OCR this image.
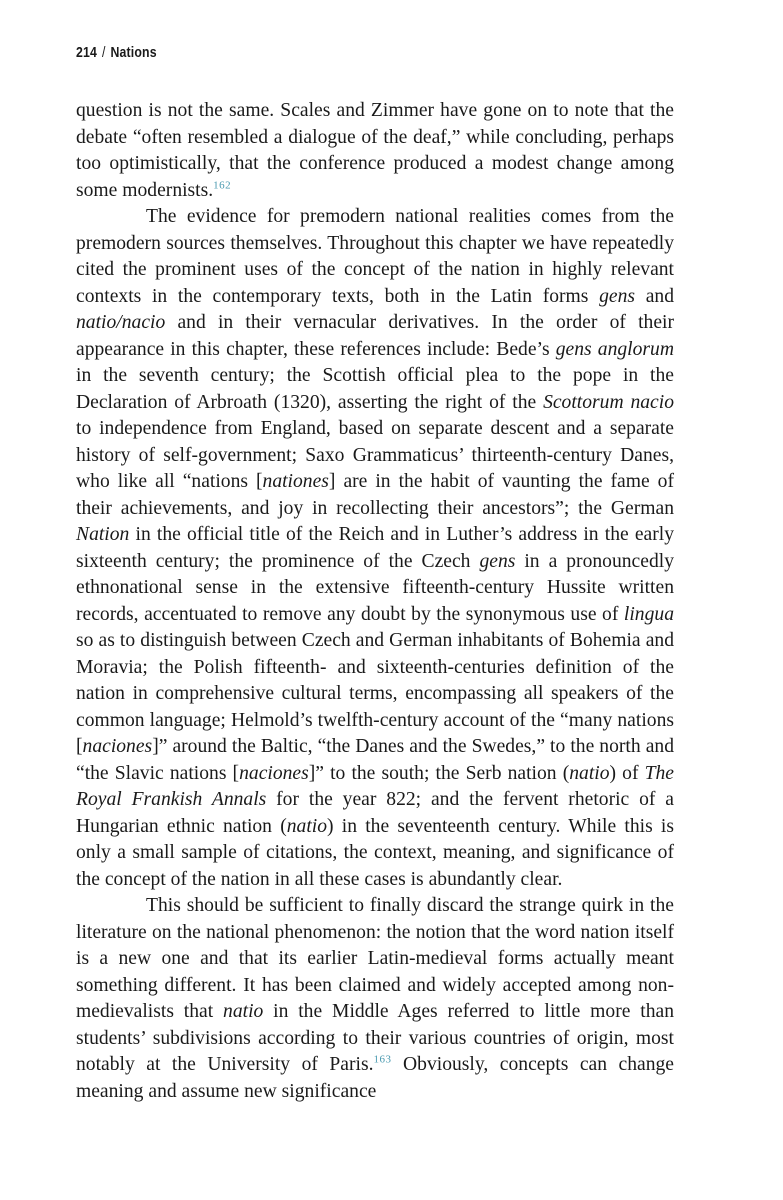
214 / Nations

question is not the same. Scales and Zimmer have gone on to note that the debate “often resembled a dialogue of the deaf,” while concluding, perhaps too optimistically, that the conference produced a modest change among some modernists.$^{162}$

The evidence for premodern national realities comes from the premodern sources themselves. Throughout this chapter we have repeatedly cited the prominent uses of the concept of the nation in highly relevant contexts in the contemporary texts, both in the Latin forms gens and natio/nacio and in their vernacular derivatives. In the order of their appearance in this chapter, these references include: Bede’s gens anglorum in the seventh century; the Scottish official plea to the pope in the Declaration of Arbroath (1320), asserting the right of the Scottorum nacio to independence from England, based on separate descent and a separate history of self-government; Saxo Grammaticus’ thirteenth-century Danes, who like all “nations [nationes] are in the habit of vaunting the fame of their achievements, and joy in recollecting their ancestors”; the German Nation in the official title of the Reich and in Luther’s address in the early sixteenth century; the prominence of the Czech gens in a pronouncedly ethnonational sense in the extensive fifteenth-century Hussite written records, accentuated to remove any doubt by the synonymous use of lingua so as to distinguish between Czech and German inhabitants of Bohemia and Moravia; the Polish fifteenth- and sixteenth-centuries definition of the nation in comprehensive cultural terms, encompassing all speakers of the common language; Helmold’s twelfth-century account of the “many nations [naciones]” around the Baltic, “the Danes and the Swedes,” to the north and “the Slavic nations [naciones]” to the south; the Serb nation (natio) of The Royal Frankish Annals for the year 822; and the fervent rhetoric of a Hungarian ethnic nation (natio) in the seventeenth century. While this is only a small sample of citations, the context, meaning, and significance of the concept of the nation in all these cases is abundantly clear.

This should be sufficient to finally discard the strange quirk in the literature on the national phenomenon: the notion that the word nation itself is a new one and that its earlier Latin-medieval forms actually meant something different. It has been claimed and widely accepted among non-medievalists that natio in the Middle Ages referred to little more than students’ subdivisions according to their various countries of origin, most notably at the University of Paris.$^{163}$ Obviously, concepts can change meaning and assume new significance
